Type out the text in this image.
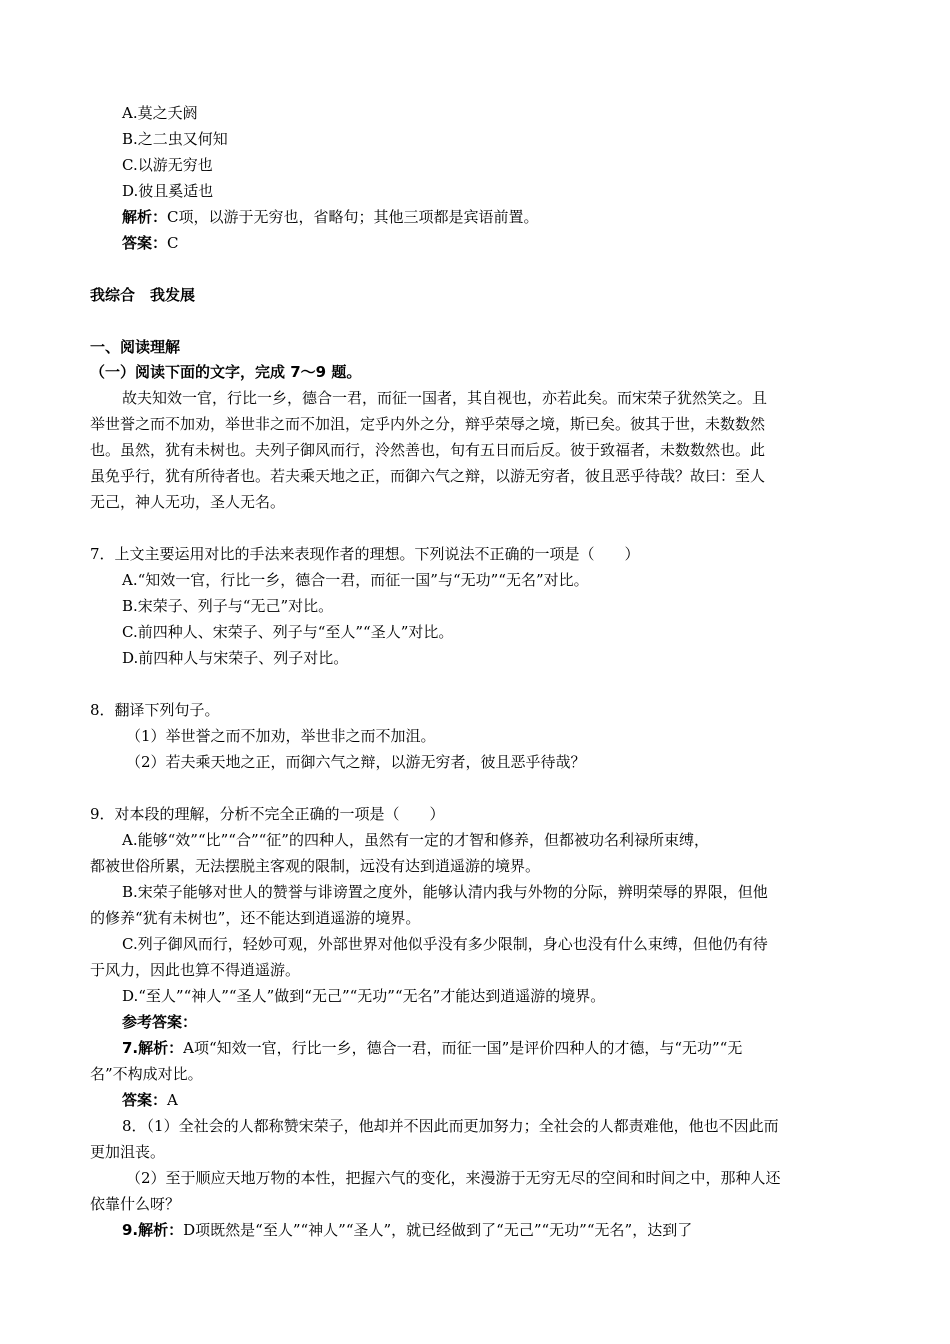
A.莫之夭阏
B.之二虫又何知
C.以游无穷也
D.彼且奚适也
解析：C项，以游于无穷也，省略句；其他三项都是宾语前置。
答案：C
我综合　我发展
一、阅读理解
（一）阅读下面的文字，完成 7～9 题。
故夫知效一官，行比一乡，德合一君，而征一国者，其自视也，亦若此矣。而宋荣子犹然笑之。且
举世誉之而不加劝，举世非之而不加沮，定乎内外之分，辩乎荣辱之境，斯已矣。彼其于世，未数数然
也。虽然，犹有未树也。夫列子御风而行，泠然善也，旬有五日而后反。彼于致福者，未数数然也。此
虽免乎行，犹有所待者也。若夫乘天地之正，而御六气之辩，以游无穷者，彼且恶乎待哉？故曰：至人
无己，神人无功，圣人无名。
7．上文主要运用对比的手法来表现作者的理想。下列说法不正确的一项是（　　）
A.“知效一官，行比一乡，德合一君，而征一国”与“无功”“无名”对比。
B.宋荣子、列子与“无己”对比。
C.前四种人、宋荣子、列子与“至人”“圣人”对比。
D.前四种人与宋荣子、列子对比。
8．翻译下列句子。
（1）举世誉之而不加劝，举世非之而不加沮。
（2）若夫乘天地之正，而御六气之辩，以游无穷者，彼且恶乎待哉？
9．对本段的理解，分析不完全正确的一项是（　　）
A.能够“效”“比”“合”“征”的四种人，虽然有一定的才智和修养，但都被功名利禄所束缚，
都被世俗所累，无法摆脱主客观的限制，远没有达到逍遥游的境界。
B.宋荣子能够对世人的赞誉与诽谤置之度外，能够认清内我与外物的分际，辨明荣辱的界限，但他
的修养“犹有未树也”，还不能达到逍遥游的境界。
C.列子御风而行，轻妙可观，外部世界对他似乎没有多少限制，身心也没有什么束缚，但他仍有待
于风力，因此也算不得逍遥游。
D.“至人”“神人”“圣人”做到“无己”“无功”“无名”才能达到逍遥游的境界。
参考答案：
7.解析：A项“知效一官，行比一乡，德合一君，而征一国”是评价四种人的才德，与“无功”“无
名”不构成对比。
答案：A
8．（1）全社会的人都称赞宋荣子，他却并不因此而更加努力；全社会的人都责难他，他也不因此而
更加沮丧。
（2）至于顺应天地万物的本性，把握六气的变化，来漫游于无穷无尽的空间和时间之中，那种人还
依靠什么呀？
9.解析：D项既然是“至人”“神人”“圣人”，就已经做到了“无己”“无功”“无名”，达到了
